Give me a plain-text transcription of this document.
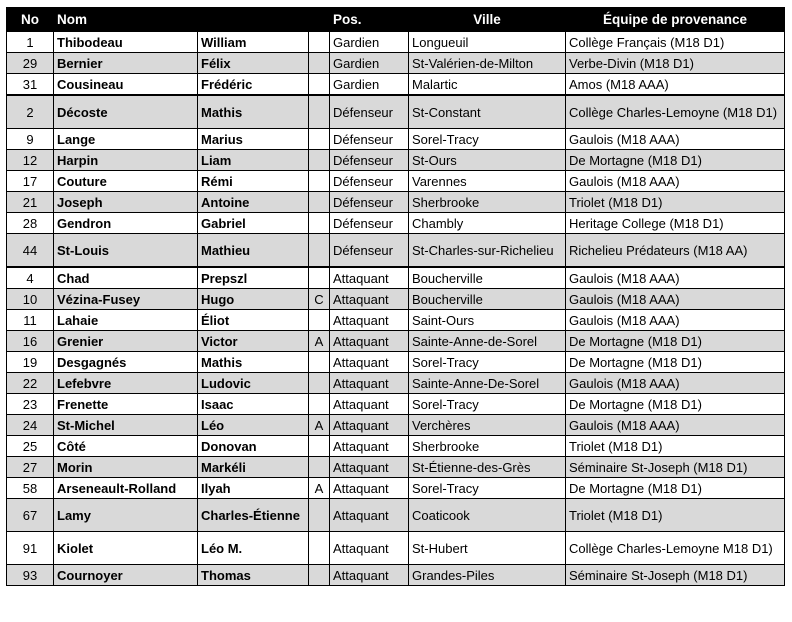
No	Nom			Pos.	Ville	Équipe de provenance
1	Thibodeau	William		Gardien	Longueuil	Collège Français (M18 D1)
29	Bernier	Félix		Gardien	St-Valérien-de-Milton	Verbe-Divin (M18 D1)
31	Cousineau	Frédéric		Gardien	Malartic	Amos (M18 AAA)
2	Décoste	Mathis		Défenseur	St-Constant	Collège Charles-Lemoyne (M18 D1)
9	Lange	Marius		Défenseur	Sorel-Tracy	Gaulois (M18 AAA)
12	Harpin	Liam		Défenseur	St-Ours	De Mortagne (M18 D1)
17	Couture	Rémi		Défenseur	Varennes	Gaulois (M18 AAA)
21	Joseph	Antoine		Défenseur	Sherbrooke	Triolet (M18 D1)
28	Gendron	Gabriel		Défenseur	Chambly	Heritage College (M18 D1)
44	St-Louis	Mathieu		Défenseur	St-Charles-sur-Richelieu	Richelieu Prédateurs (M18 AA)
4	Chad	Prepszl		Attaquant	Boucherville	Gaulois (M18 AAA)
10	Vézina-Fusey	Hugo	C	Attaquant	Boucherville	Gaulois (M18 AAA)
11	Lahaie	Éliot		Attaquant	Saint-Ours	Gaulois (M18 AAA)
16	Grenier	Victor	A	Attaquant	Sainte-Anne-de-Sorel	De Mortagne (M18 D1)
19	Desgagnés	Mathis		Attaquant	Sorel-Tracy	De Mortagne (M18 D1)
22	Lefebvre	Ludovic		Attaquant	Sainte-Anne-De-Sorel	Gaulois (M18 AAA)
23	Frenette	Isaac		Attaquant	Sorel-Tracy	De Mortagne (M18 D1)
24	St-Michel	Léo	A	Attaquant	Verchères	Gaulois (M18 AAA)
25	Côté	Donovan		Attaquant	Sherbrooke	Triolet (M18 D1)
27	Morin	Markéli		Attaquant	St-Étienne-des-Grès	Séminaire St-Joseph (M18 D1)
58	Arseneault-Rolland	Ilyah	A	Attaquant	Sorel-Tracy	De Mortagne (M18 D1)
67	Lamy	Charles-Étienne		Attaquant	Coaticook	Triolet (M18 D1)
91	Kiolet	Léo M.		Attaquant	St-Hubert	Collège Charles-Lemoyne M18 D1)
93	Cournoyer	Thomas		Attaquant	Grandes-Piles	Séminaire St-Joseph (M18 D1)
